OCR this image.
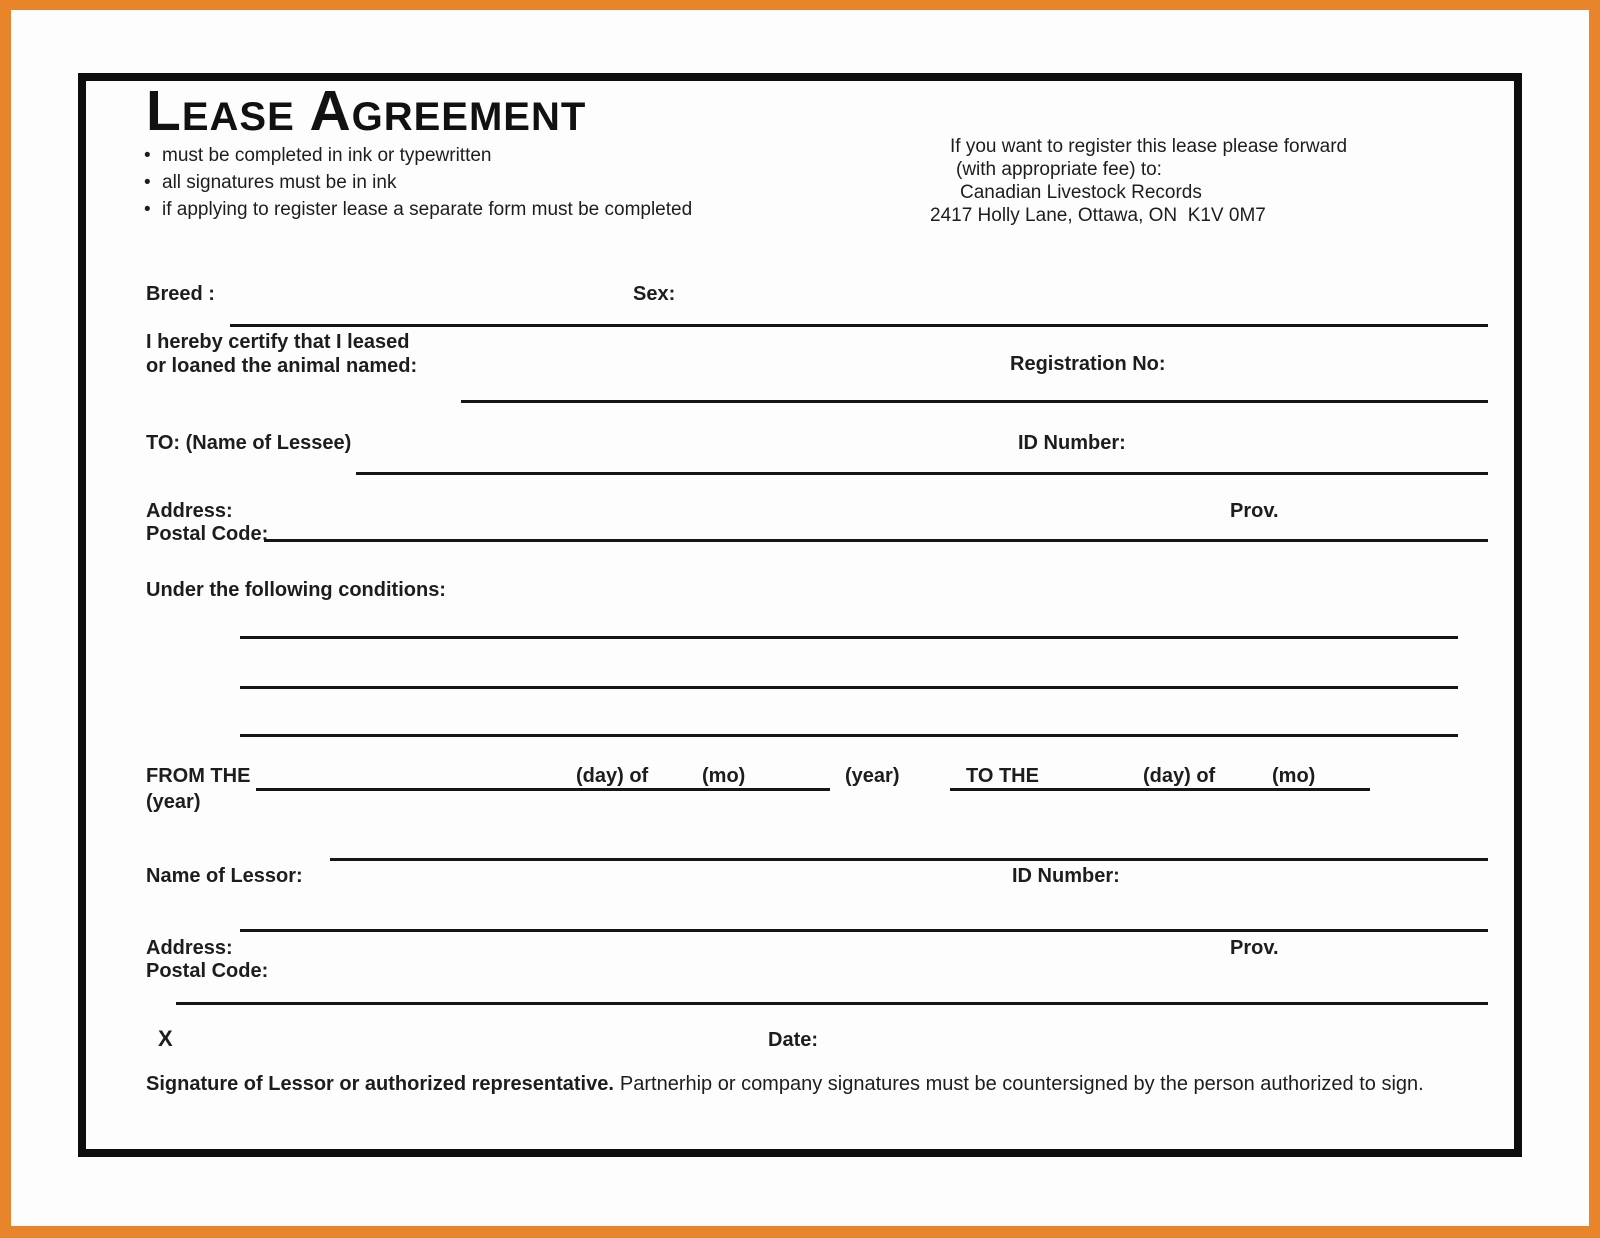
Lease Agreement
• must be completed in ink or typewritten
• all signatures must be in ink
• if applying to register lease a separate form must be completed
If you want to register this lease please forward
(with appropriate fee) to:
Canadian Livestock Records
2417 Holly Lane, Ottawa, ON  K1V 0M7
Breed :	Sex:
I hereby certify that I leased
or loaned the animal named:	Registration No:
TO: (Name of Lessee)	ID Number:
Address:	Prov.
Postal Code:
Under the following conditions:
FROM THE	(day) of	(mo)	(year)	TO THE	(day) of	(mo)
(year)
Name of Lessor:	ID Number:
Address:	Prov.
Postal Code:
X	Date:
Signature of Lessor or authorized representative. Partnerhip or company signatures must be countersigned by the person authorized to sign.
